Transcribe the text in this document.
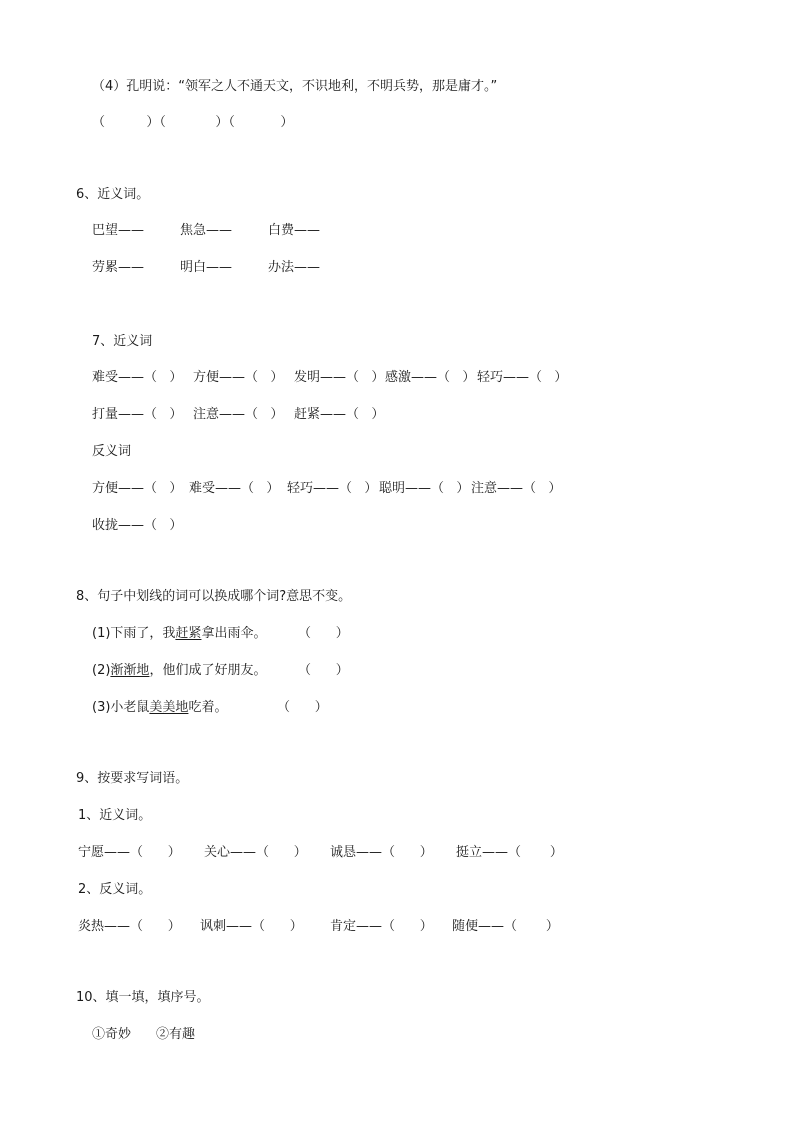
（4）孔明说：“领军之人不通天文，不识地利，不明兵势，那是庸才。”
（          ）（            ）（           ）
6、近义词。
巴望——	焦急——	白费——
劳累——	明白——	办法——
7、近义词
难受——（   ） 方便——（   ） 发明——（   ） 感激——（   ） 轻巧——（   ）
打量——（   ） 注意——（   ） 赶紧——（   ）
反义词
方便——（   ） 难受——（   ） 轻巧——（   ） 聪明——（   ） 注意——（   ）
收拢——（   ）
8、句子中划线的词可以换成哪个词?意思不变。
(1)下雨了，我赶紧拿出雨伞。 （      ）
(2)渐渐地，他们成了好朋友。 （      ）
(3)小老鼠美美地吃着。	（      ）
9、按要求写词语。
1、近义词。
宁愿——（      ） 关心——（      ） 诚恳——（      ） 挺立——（       ）
2、反义词。
炎热——（      ） 讽刺——（      ） 肯定——（      ） 随便——（       ）
10、填一填，填序号。
①奇妙 ②有趣
